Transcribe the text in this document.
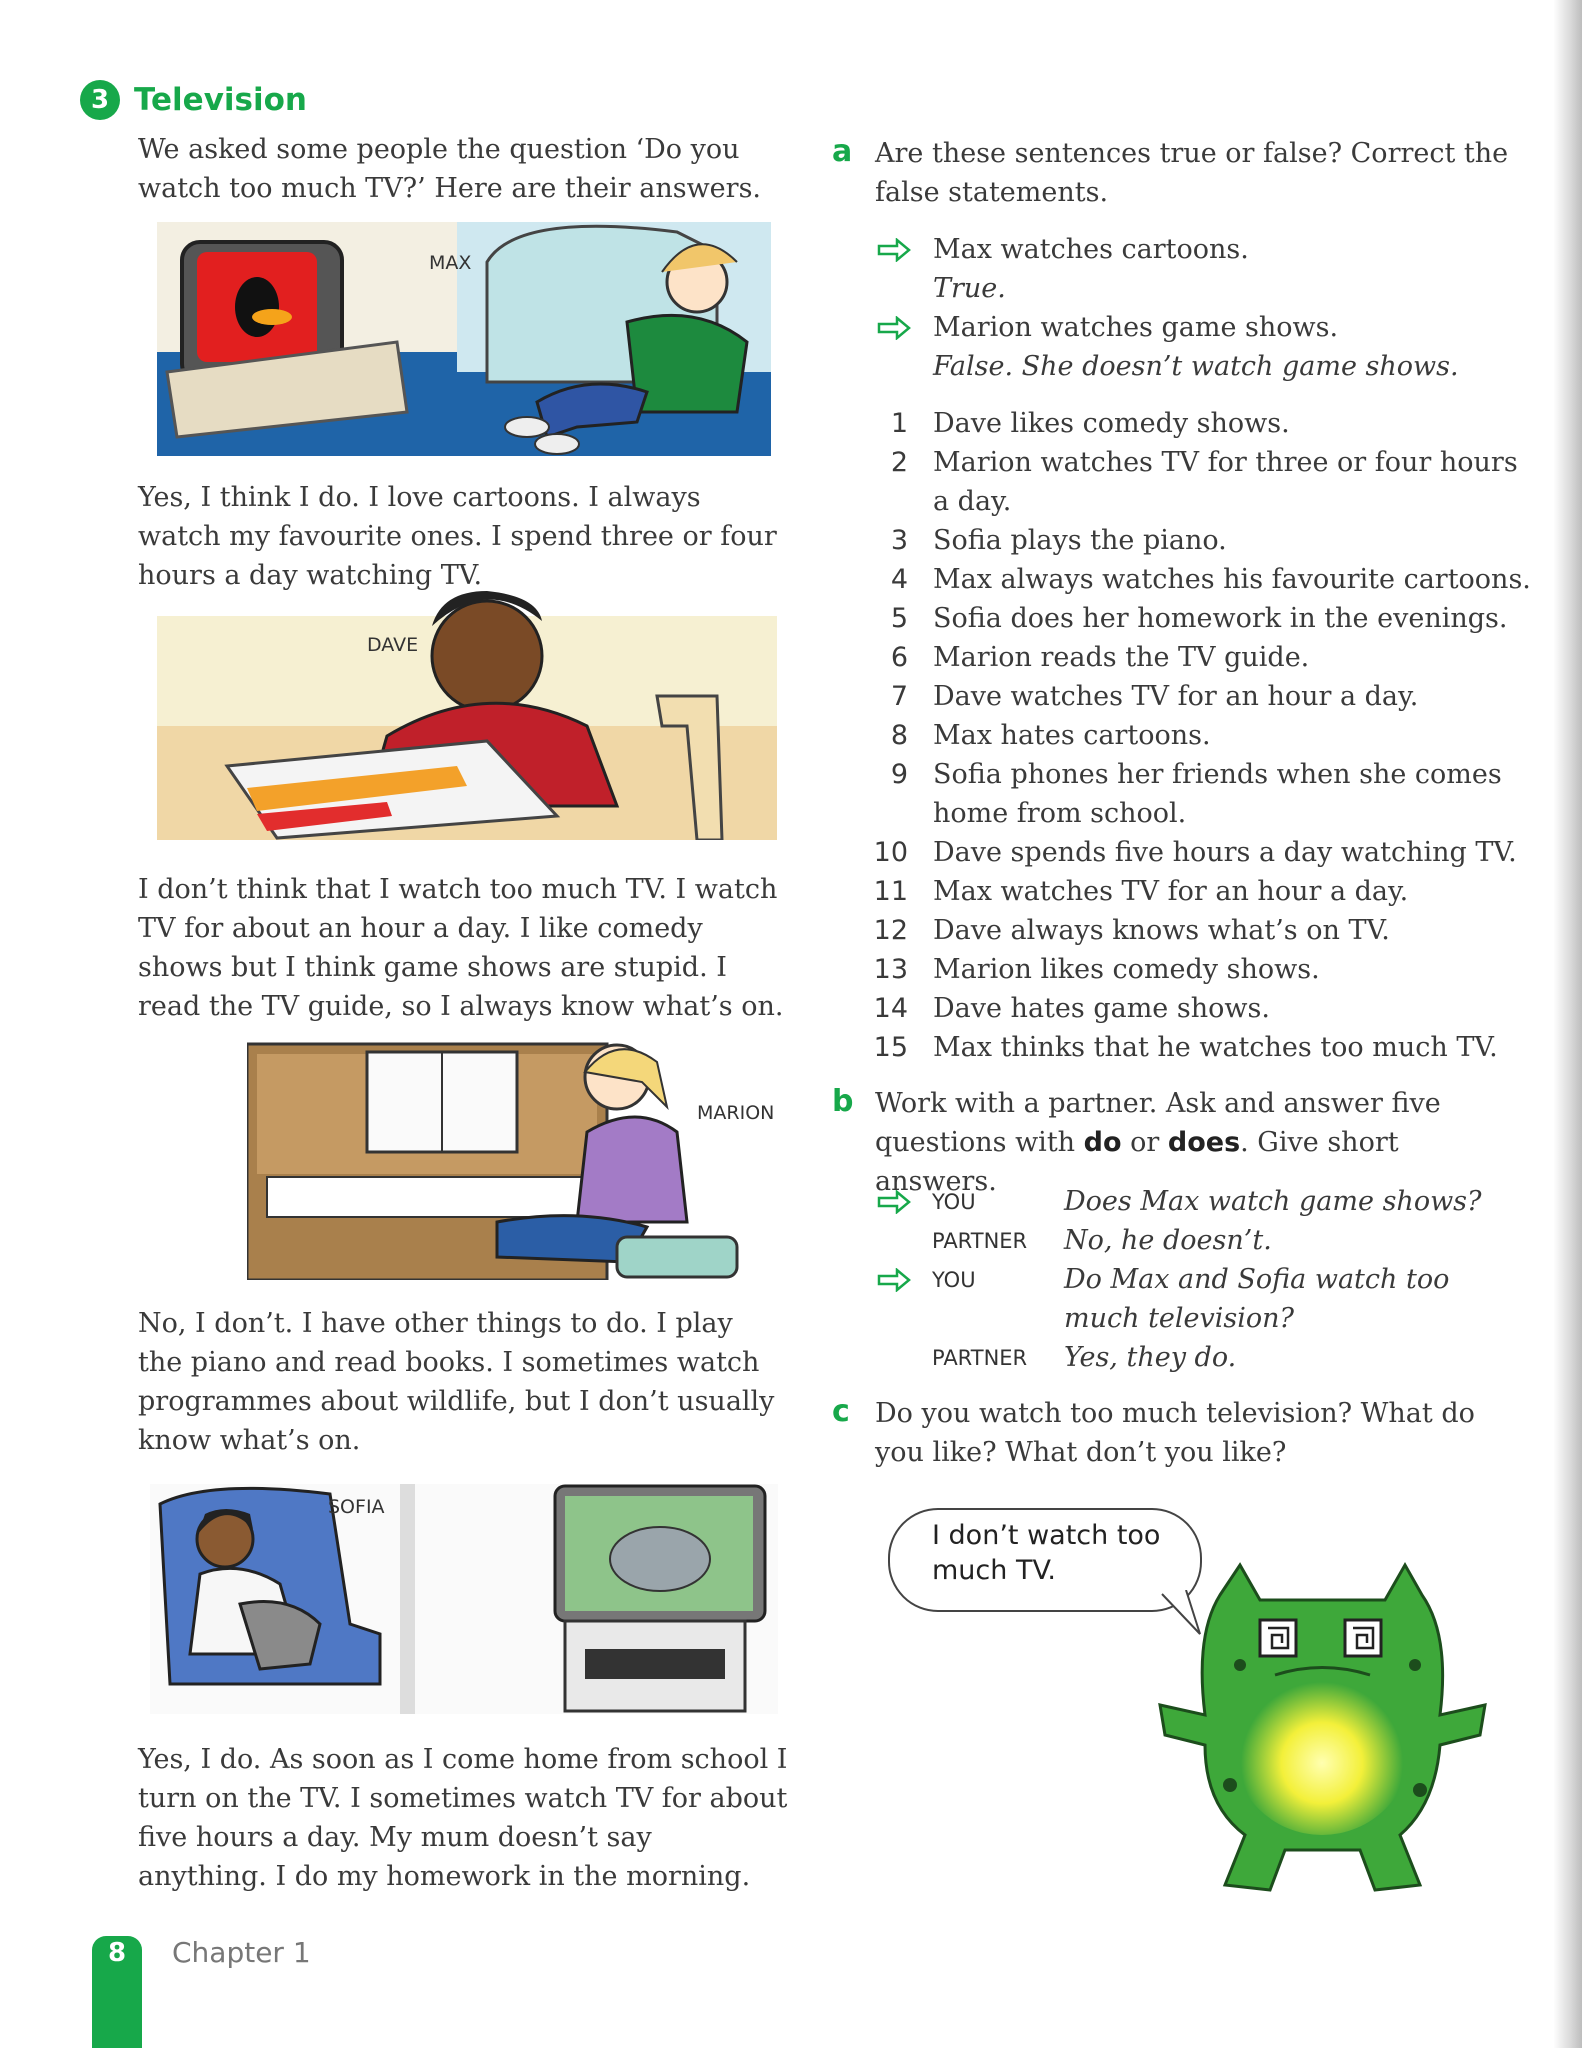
3 Television
We asked some people the question ‘Do you watch too much TV?’ Here are their answers.
MAX
Yes, I think I do. I love cartoons. I always watch my favourite ones. I spend three or four hours a day watching TV.
DAVE
I don’t think that I watch too much TV. I watch TV for about an hour a day. I like comedy shows but I think game shows are stupid. I read the TV guide, so I always know what’s on.
MARION
No, I don’t. I have other things to do. I play the piano and read books. I sometimes watch programmes about wildlife, but I don’t usually know what’s on.
SOFIA
Yes, I do. As soon as I come home from school I turn on the TV. I sometimes watch TV for about five hours a day. My mum doesn’t say anything. I do my homework in the morning.
a Are these sentences true or false? Correct the false statements.
Max watches cartoons.
True.
Marion watches game shows.
False. She doesn’t watch game shows.
1 Dave likes comedy shows.
2 Marion watches TV for three or four hours a day.
3 Sofia plays the piano.
4 Max always watches his favourite cartoons.
5 Sofia does her homework in the evenings.
6 Marion reads the TV guide.
7 Dave watches TV for an hour a day.
8 Max hates cartoons.
9 Sofia phones her friends when she comes home from school.
10 Dave spends five hours a day watching TV.
11 Max watches TV for an hour a day.
12 Dave always knows what’s on TV.
13 Marion likes comedy shows.
14 Dave hates game shows.
15 Max thinks that he watches too much TV.
b Work with a partner. Ask and answer five questions with do or does. Give short answers.
YOU	Does Max watch game shows?
PARTNER No, he doesn’t.
YOU	Do Max and Sofia watch too much television?
PARTNER Yes, they do.
c Do you watch too much television? What do you like? What don’t you like?
I don’t watch too much TV.
8	Chapter 1
